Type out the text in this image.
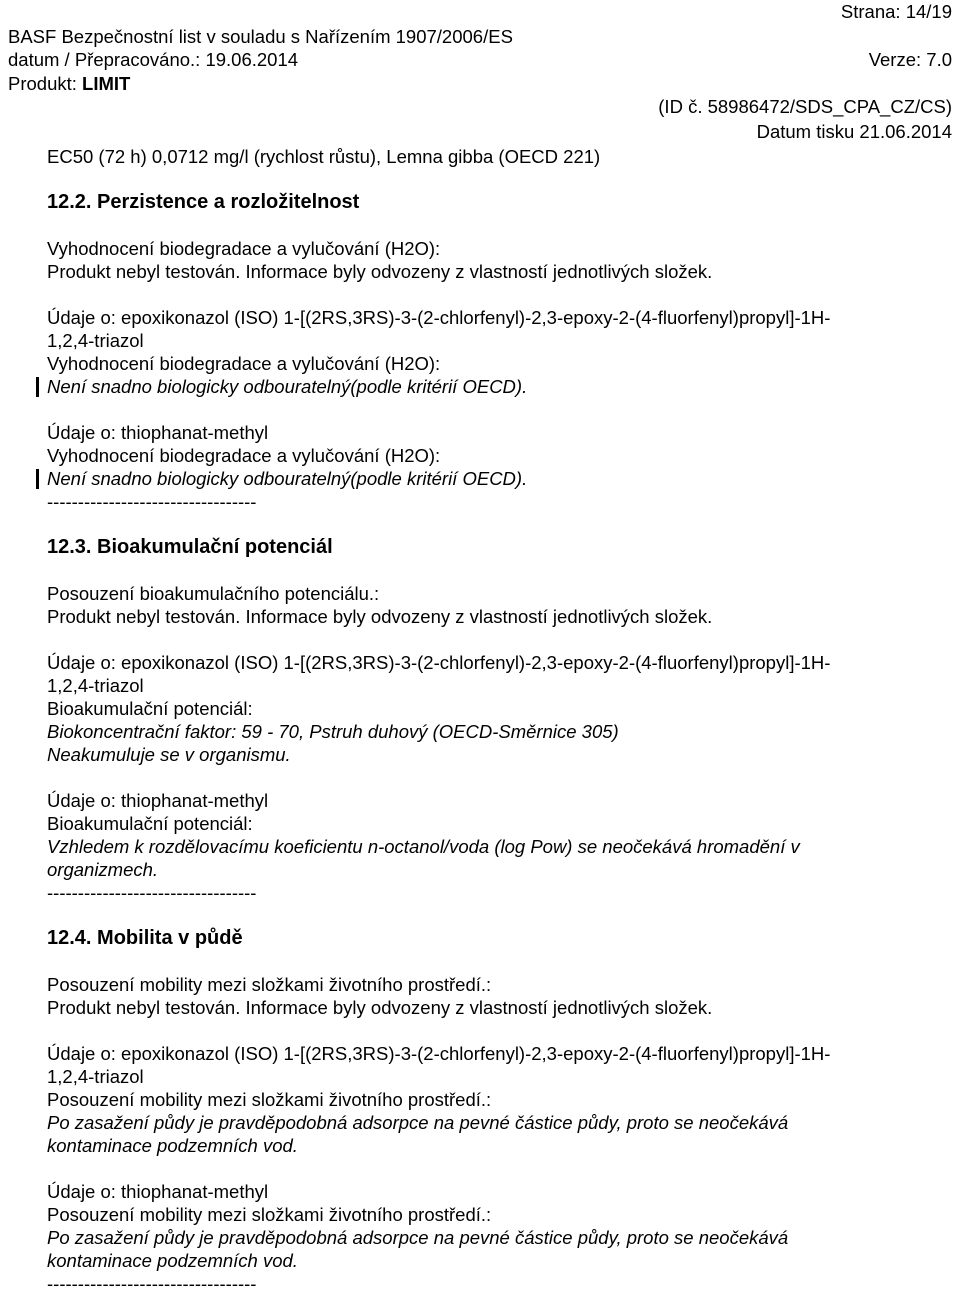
Strana: 14/19
BASF Bezpečnostní list v souladu s Nařízením 1907/2006/ES
datum / Přepracováno.: 19.06.2014	Verze: 7.0
Produkt: LIMIT
(ID č. 58986472/SDS_CPA_CZ/CS)
Datum tisku 21.06.2014
EC50 (72 h) 0,0712 mg/l (rychlost růstu), Lemna gibba (OECD 221)
12.2. Perzistence a rozložitelnost
Vyhodnocení biodegradace a vylučování (H2O):
Produkt nebyl testován. Informace byly odvozeny z vlastností jednotlivých složek.
Údaje o: epoxikonazol (ISO) 1-[(2RS,3RS)-3-(2-chlorfenyl)-2,3-epoxy-2-(4-fluorfenyl)propyl]-1H-
1,2,4-triazol
Vyhodnocení biodegradace a vylučování (H2O):
Není snadno biologicky odbouratelný(podle kritérií OECD).
Údaje o: thiophanat-methyl
Vyhodnocení biodegradace a vylučování (H2O):
Není snadno biologicky odbouratelný(podle kritérií OECD).
----------------------------------
12.3. Bioakumulační potenciál
Posouzení bioakumulačního potenciálu.:
Produkt nebyl testován. Informace byly odvozeny z vlastností jednotlivých složek.
Údaje o: epoxikonazol (ISO) 1-[(2RS,3RS)-3-(2-chlorfenyl)-2,3-epoxy-2-(4-fluorfenyl)propyl]-1H-
1,2,4-triazol
Bioakumulační potenciál:
Biokoncentrační faktor: 59 - 70, Pstruh duhový (OECD-Směrnice 305)
Neakumuluje se v organismu.
Údaje o: thiophanat-methyl
Bioakumulační potenciál:
Vzhledem k rozdělovacímu koeficientu n-octanol/voda (log Pow) se neočekává hromadění v
organizmech.
----------------------------------
12.4. Mobilita v půdě
Posouzení mobility mezi složkami životního prostředí.:
Produkt nebyl testován. Informace byly odvozeny z vlastností jednotlivých složek.
Údaje o: epoxikonazol (ISO) 1-[(2RS,3RS)-3-(2-chlorfenyl)-2,3-epoxy-2-(4-fluorfenyl)propyl]-1H-
1,2,4-triazol
Posouzení mobility mezi složkami životního prostředí.:
Po zasažení půdy je pravděpodobná adsorpce na pevné částice půdy, proto se neočekává
kontaminace podzemních vod.
Údaje o: thiophanat-methyl
Posouzení mobility mezi složkami životního prostředí.:
Po zasažení půdy je pravděpodobná adsorpce na pevné částice půdy, proto se neočekává
kontaminace podzemních vod.
----------------------------------
